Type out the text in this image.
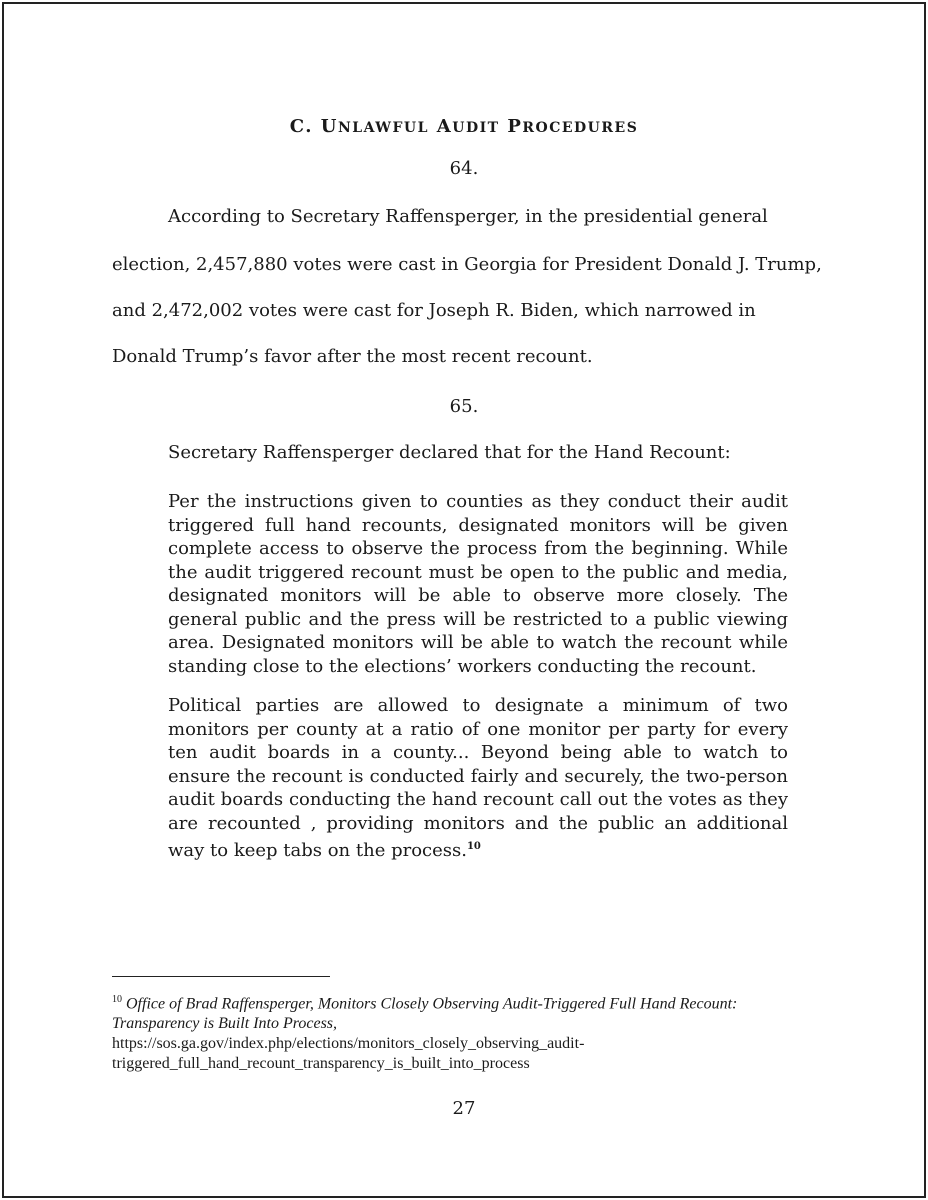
C. UNLAWFUL AUDIT PROCEDURES
64.
According to Secretary Raffensperger, in the presidential general
election, 2,457,880 votes were cast in Georgia for President Donald J. Trump,
and 2,472,002 votes were cast for Joseph R. Biden, which narrowed in
Donald Trump’s favor after the most recent recount.
65.
Secretary Raffensperger declared that for the Hand Recount:

Per the instructions given to counties as they conduct their audit triggered full hand recounts, designated monitors will be given complete access to observe the process from the beginning. While the audit triggered recount must be open to the public and media, designated monitors will be able to observe more closely. The general public and the press will be restricted to a public viewing area. Designated monitors will be able to watch the recount while standing close to the elections’ workers conducting the recount.

Political parties are allowed to designate a minimum of two monitors per county at a ratio of one monitor per party for every ten audit boards in a county... Beyond being able to watch to ensure the recount is conducted fairly and securely, the two-person audit boards conducting the hand recount call out the votes as they are recounted , providing monitors and the public an additional way to keep tabs on the process.$^{10}$

$^{10}$ Office of Brad Raffensperger, Monitors Closely Observing Audit-Triggered Full Hand Recount: Transparency is Built Into Process,
https://sos.ga.gov/index.php/elections/monitors_closely_observing_audit-
triggered_full_hand_recount_transparency_is_built_into_process

27
